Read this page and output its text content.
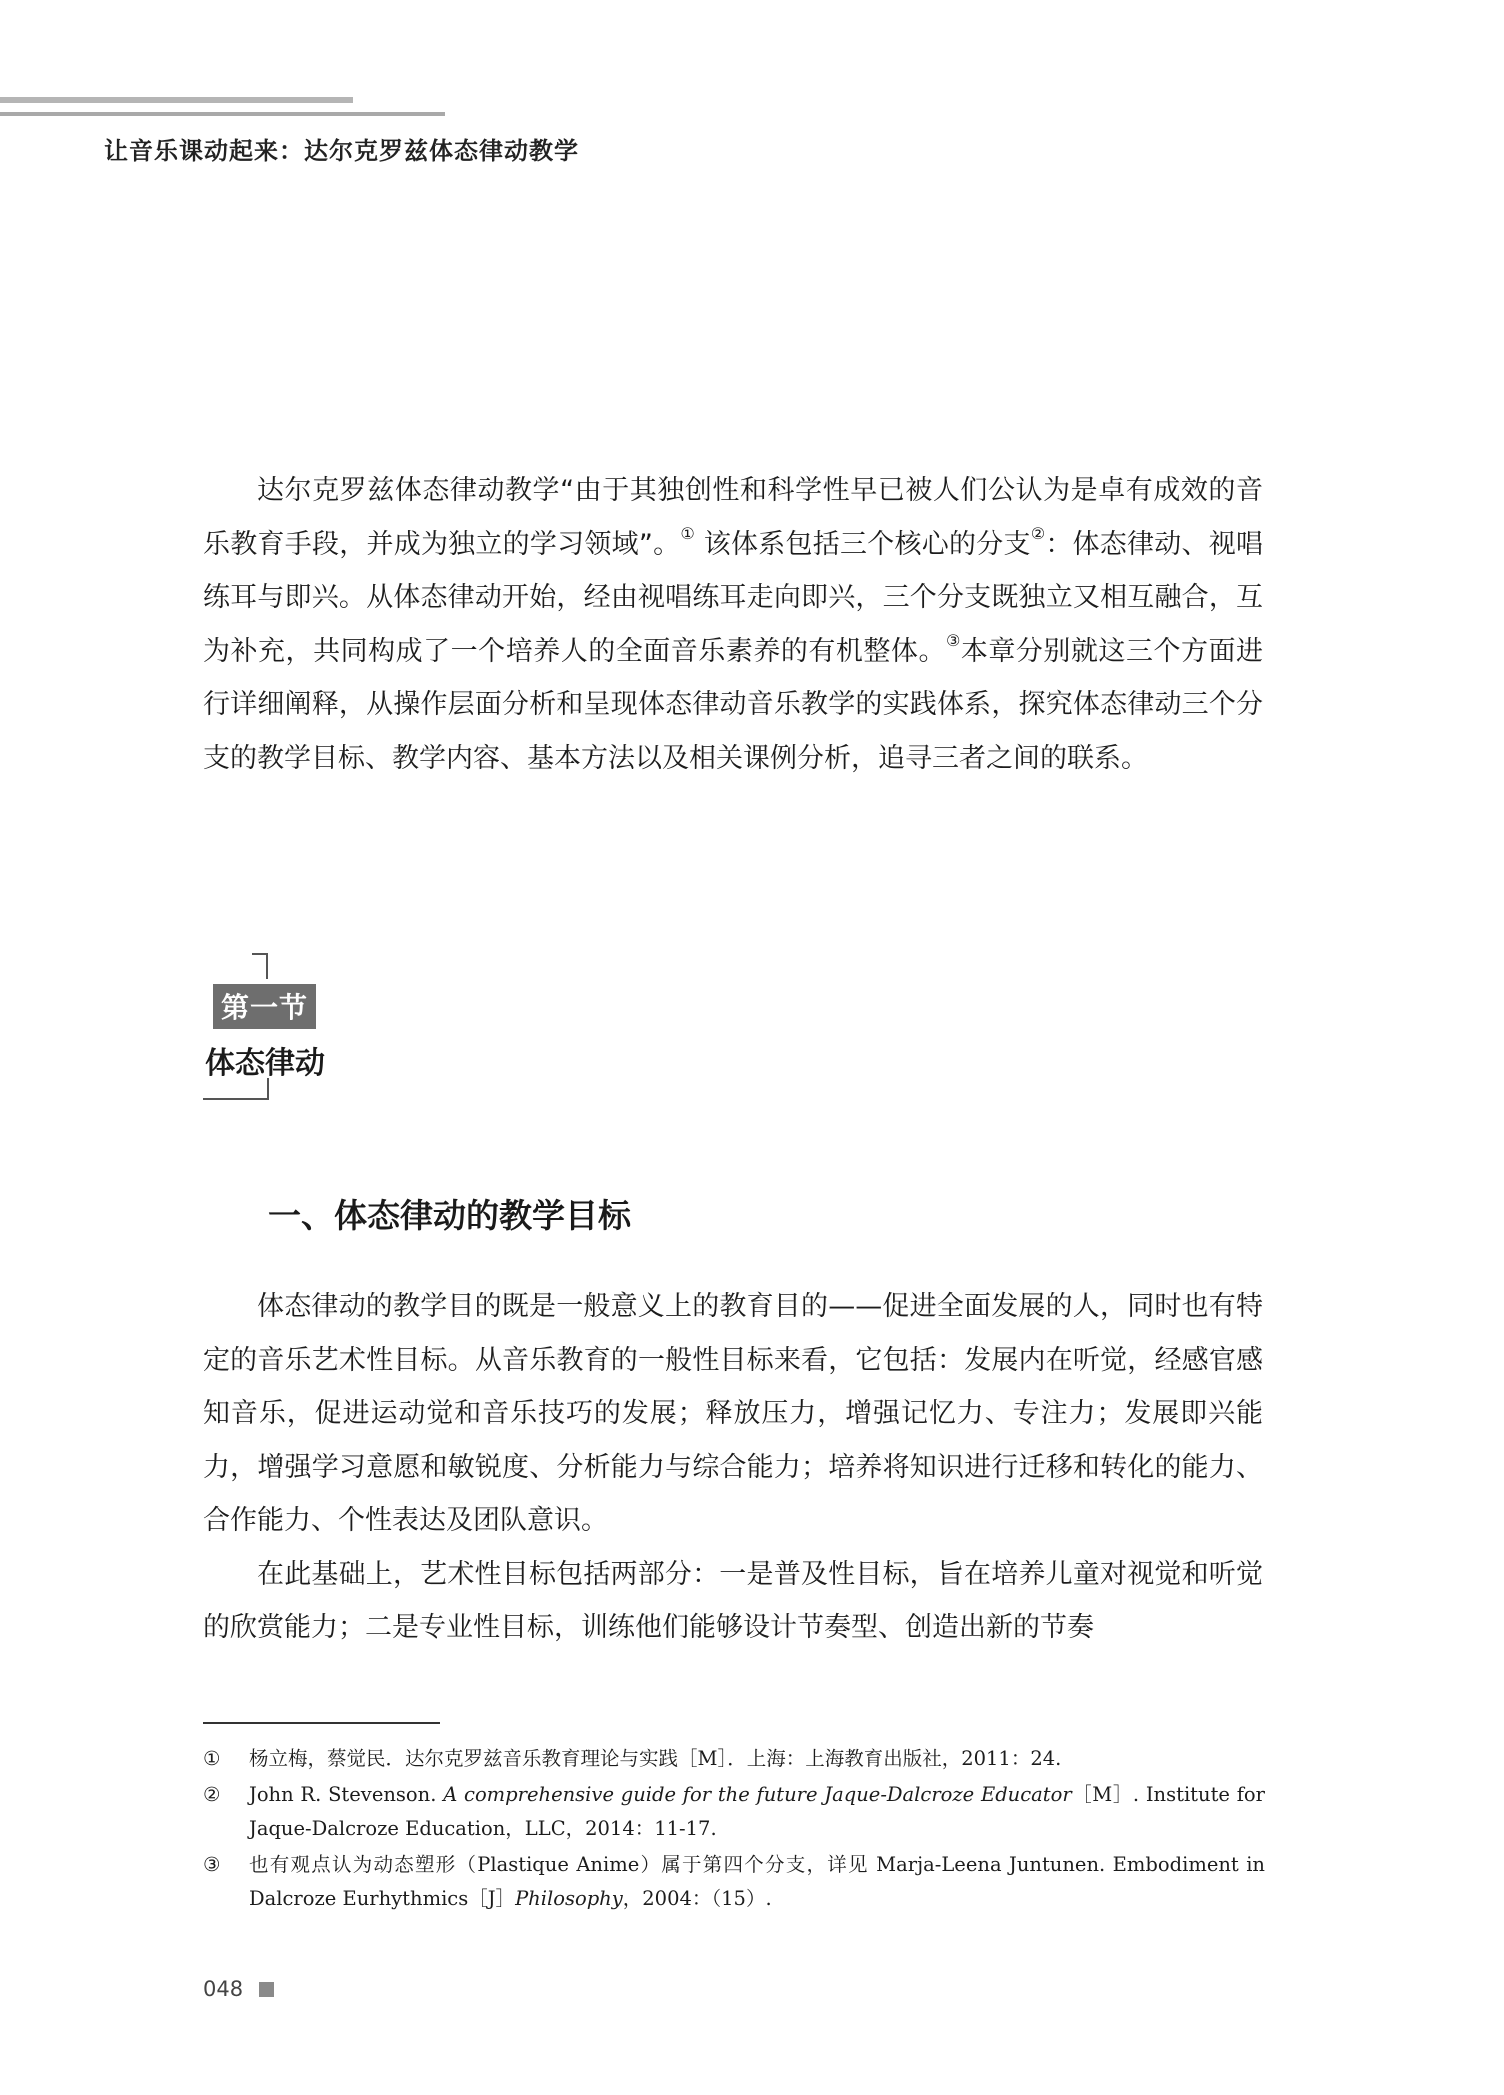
让音乐课动起来：达尔克罗兹体态律动教学

达尔克罗兹体态律动教学“由于其独创性和科学性早已被人们公认为是卓有成效的音乐教育手段，并成为独立的学习领域”。① 该体系包括三个核心的分支②：体态律动、视唱练耳与即兴。从体态律动开始，经由视唱练耳走向即兴，三个分支既独立又相互融合，互为补充，共同构成了一个培养人的全面音乐素养的有机整体。③本章分别就这三个方面进行详细阐释，从操作层面分析和呈现体态律动音乐教学的实践体系，探究体态律动三个分支的教学目标、教学内容、基本方法以及相关课例分析，追寻三者之间的联系。

第一节
体态律动
一、体态律动的教学目标

体态律动的教学目的既是一般意义上的教育目的——促进全面发展的人，同时也有特定的音乐艺术性目标。从音乐教育的一般性目标来看，它包括：发展内在听觉，经感官感知音乐，促进运动觉和音乐技巧的发展；释放压力，增强记忆力、专注力；发展即兴能力，增强学习意愿和敏锐度、分析能力与综合能力；培养将知识进行迁移和转化的能力、合作能力、个性表达及团队意识。

在此基础上，艺术性目标包括两部分：一是普及性目标，旨在培养儿童对视觉和听觉的欣赏能力；二是专业性目标，训练他们能够设计节奏型、创造出新的节奏

①	杨立梅，蔡觉民．达尔克罗兹音乐教育理论与实践［M］．上海：上海教育出版社，2011：24.
②	John R. Stevenson. A comprehensive guide for the future Jaque-Dalcroze Educator［M］. Institute for Jaque-Dalcroze Education，LLC，2014：11-17.
③	也有观点认为动态塑形（Plastique Anime）属于第四个分支，详见 Marja-Leena Juntunen. Embodiment in Dalcroze Eurhythmics［J］Philosophy，2004：（15）.
048
